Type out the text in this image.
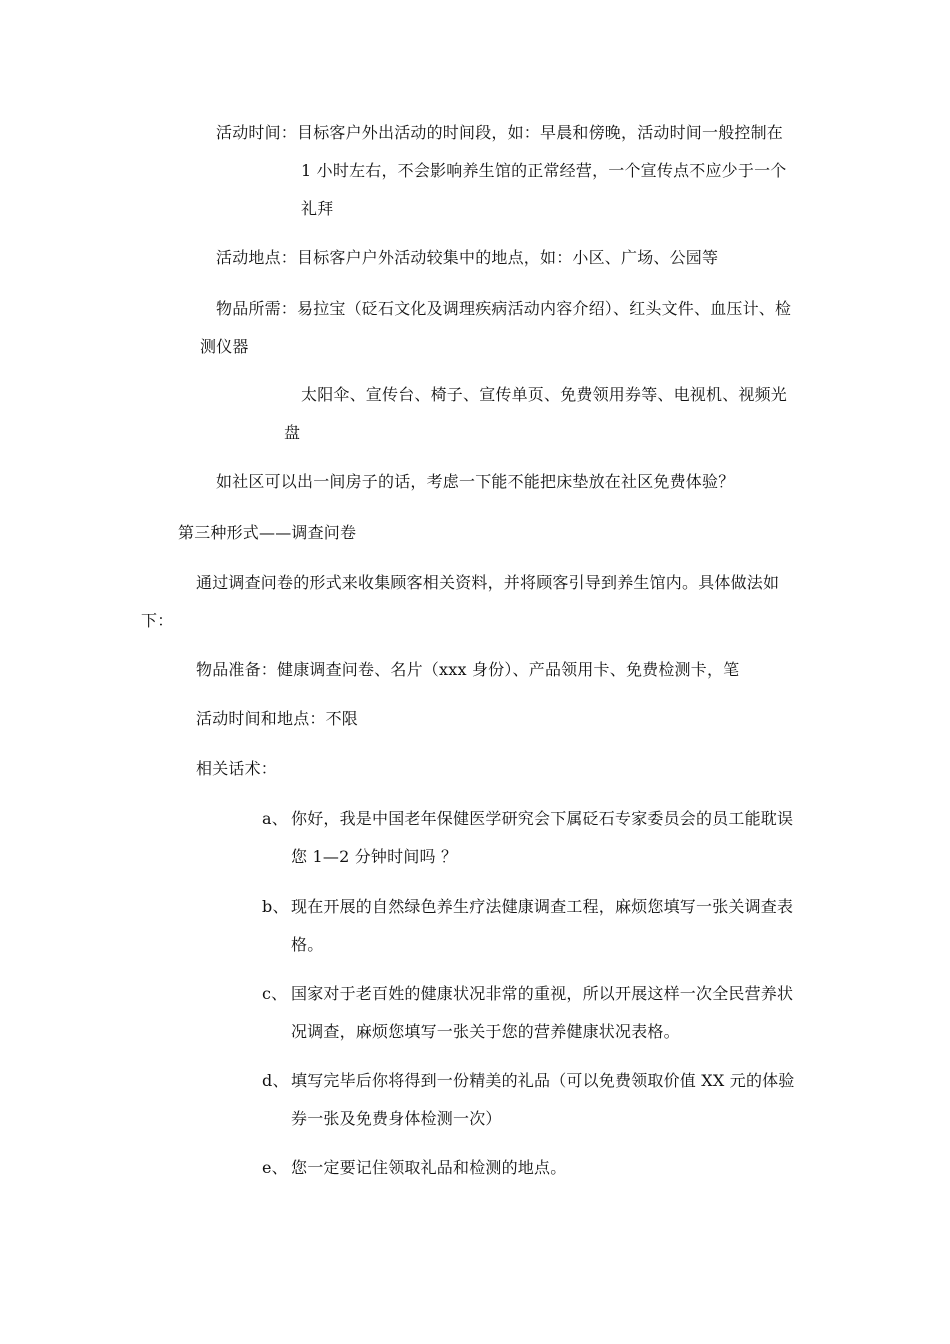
活动时间：目标客户外出活动的时间段，如：早晨和傍晚，活动时间一般控制在
1 小时左右，不会影响养生馆的正常经营，一个宣传点不应少于一个
礼拜
活动地点：目标客户户外活动较集中的地点，如：小区、广场、公园等
物品所需：易拉宝（砭石文化及调理疾病活动内容介绍）、红头文件、血压计、检
测仪器
太阳伞、宣传台、椅子、宣传单页、免费领用券等、电视机、视频光
盘
如社区可以出一间房子的话，考虑一下能不能把床垫放在社区免费体验？
第三种形式——调查问卷
通过调查问卷的形式来收集顾客相关资料，并将顾客引导到养生馆内。具体做法如
下：
物品准备：健康调查问卷、名片（xxx 身份）、产品领用卡、免费检测卡，笔
活动时间和地点：不限
相关话术：
a、 你好，我是中国老年保健医学研究会下属砭石专家委员会的员工能耽误
您 1—2 分钟时间吗 ？
b、 现在开展的自然绿色养生疗法健康调查工程，麻烦您填写一张关调查表
格。
c、 国家对于老百姓的健康状况非常的重视，所以开展这样一次全民营养状
况调查，麻烦您填写一张关于您的营养健康状况表格。
d、 填写完毕后你将得到一份精美的礼品（可以免费领取价值 XX 元的体验
券一张及免费身体检测一次）
e、 您一定要记住领取礼品和检测的地点。
